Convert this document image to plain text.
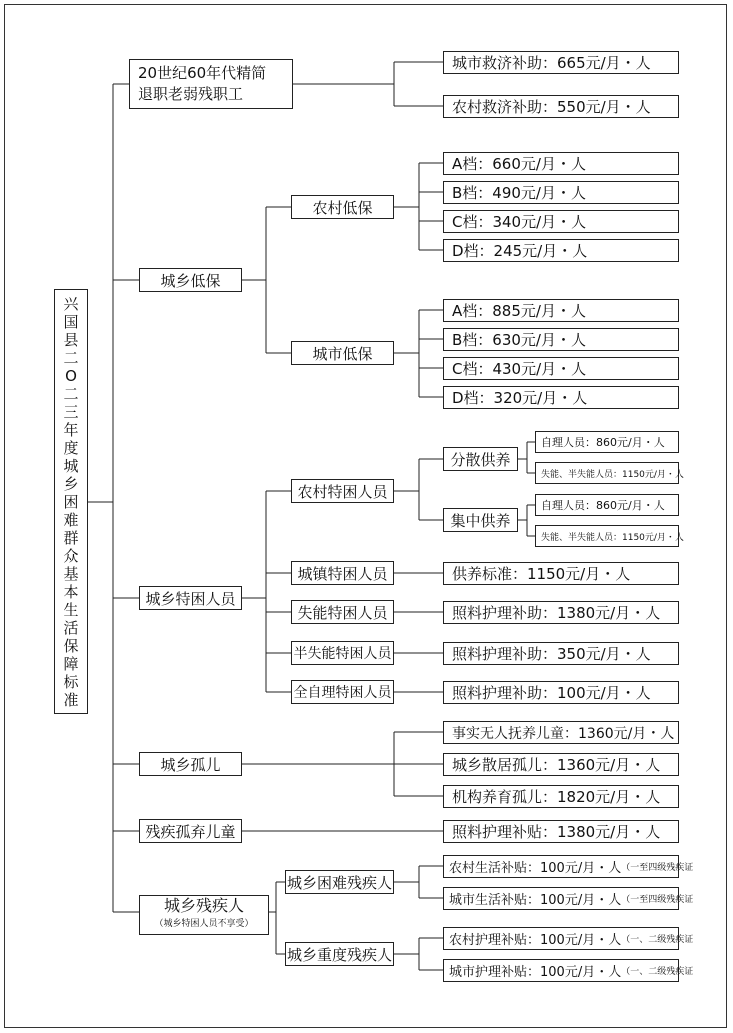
兴
国
县
二
O
二
三
年
度
城
乡
困
难
群
众
基
本
生
活
保
障
标
准
20世纪60年代精简
退职老弱残职工
城市救济补助：665元/月・人
农村救济补助：550元/月・人
城乡低保
农村低保
城市低保
A档：660元/月・人
B档：490元/月・人
C档：340元/月・人
D档：245元/月・人
A档：885元/月・人
B档：630元/月・人
C档：430元/月・人
D档：320元/月・人
城乡特困人员
农村特困人员
分散供养
集中供养
自理人员：860元/月・人
失能、半失能人员：1150元/月・人
自理人员：860元/月・人
失能、半失能人员：1150元/月・人
城镇特困人员
失能特困人员
半失能特困人员
全自理特困人员
供养标准：1150元/月・人
照料护理补助：1380元/月・人
照料护理补助：350元/月・人
照料护理补助：100元/月・人
城乡孤儿
事实无人抚养儿童：1360元/月・人
城乡散居孤儿：1360元/月・人
机构养育孤儿：1820元/月・人
残疾孤弃儿童	照料护理补贴：1380元/月・人
城乡残疾人
（城乡特困人员不享受）
城乡困难残疾人
城乡重度残疾人
农村生活补贴：100元/月・人 （一至四级残疾证
城市生活补贴：100元/月・人 （一至四级残疾证
农村护理补贴：100元/月・人 （一、二级残疾证
城市护理补贴：100元/月・人 （一、二级残疾证
